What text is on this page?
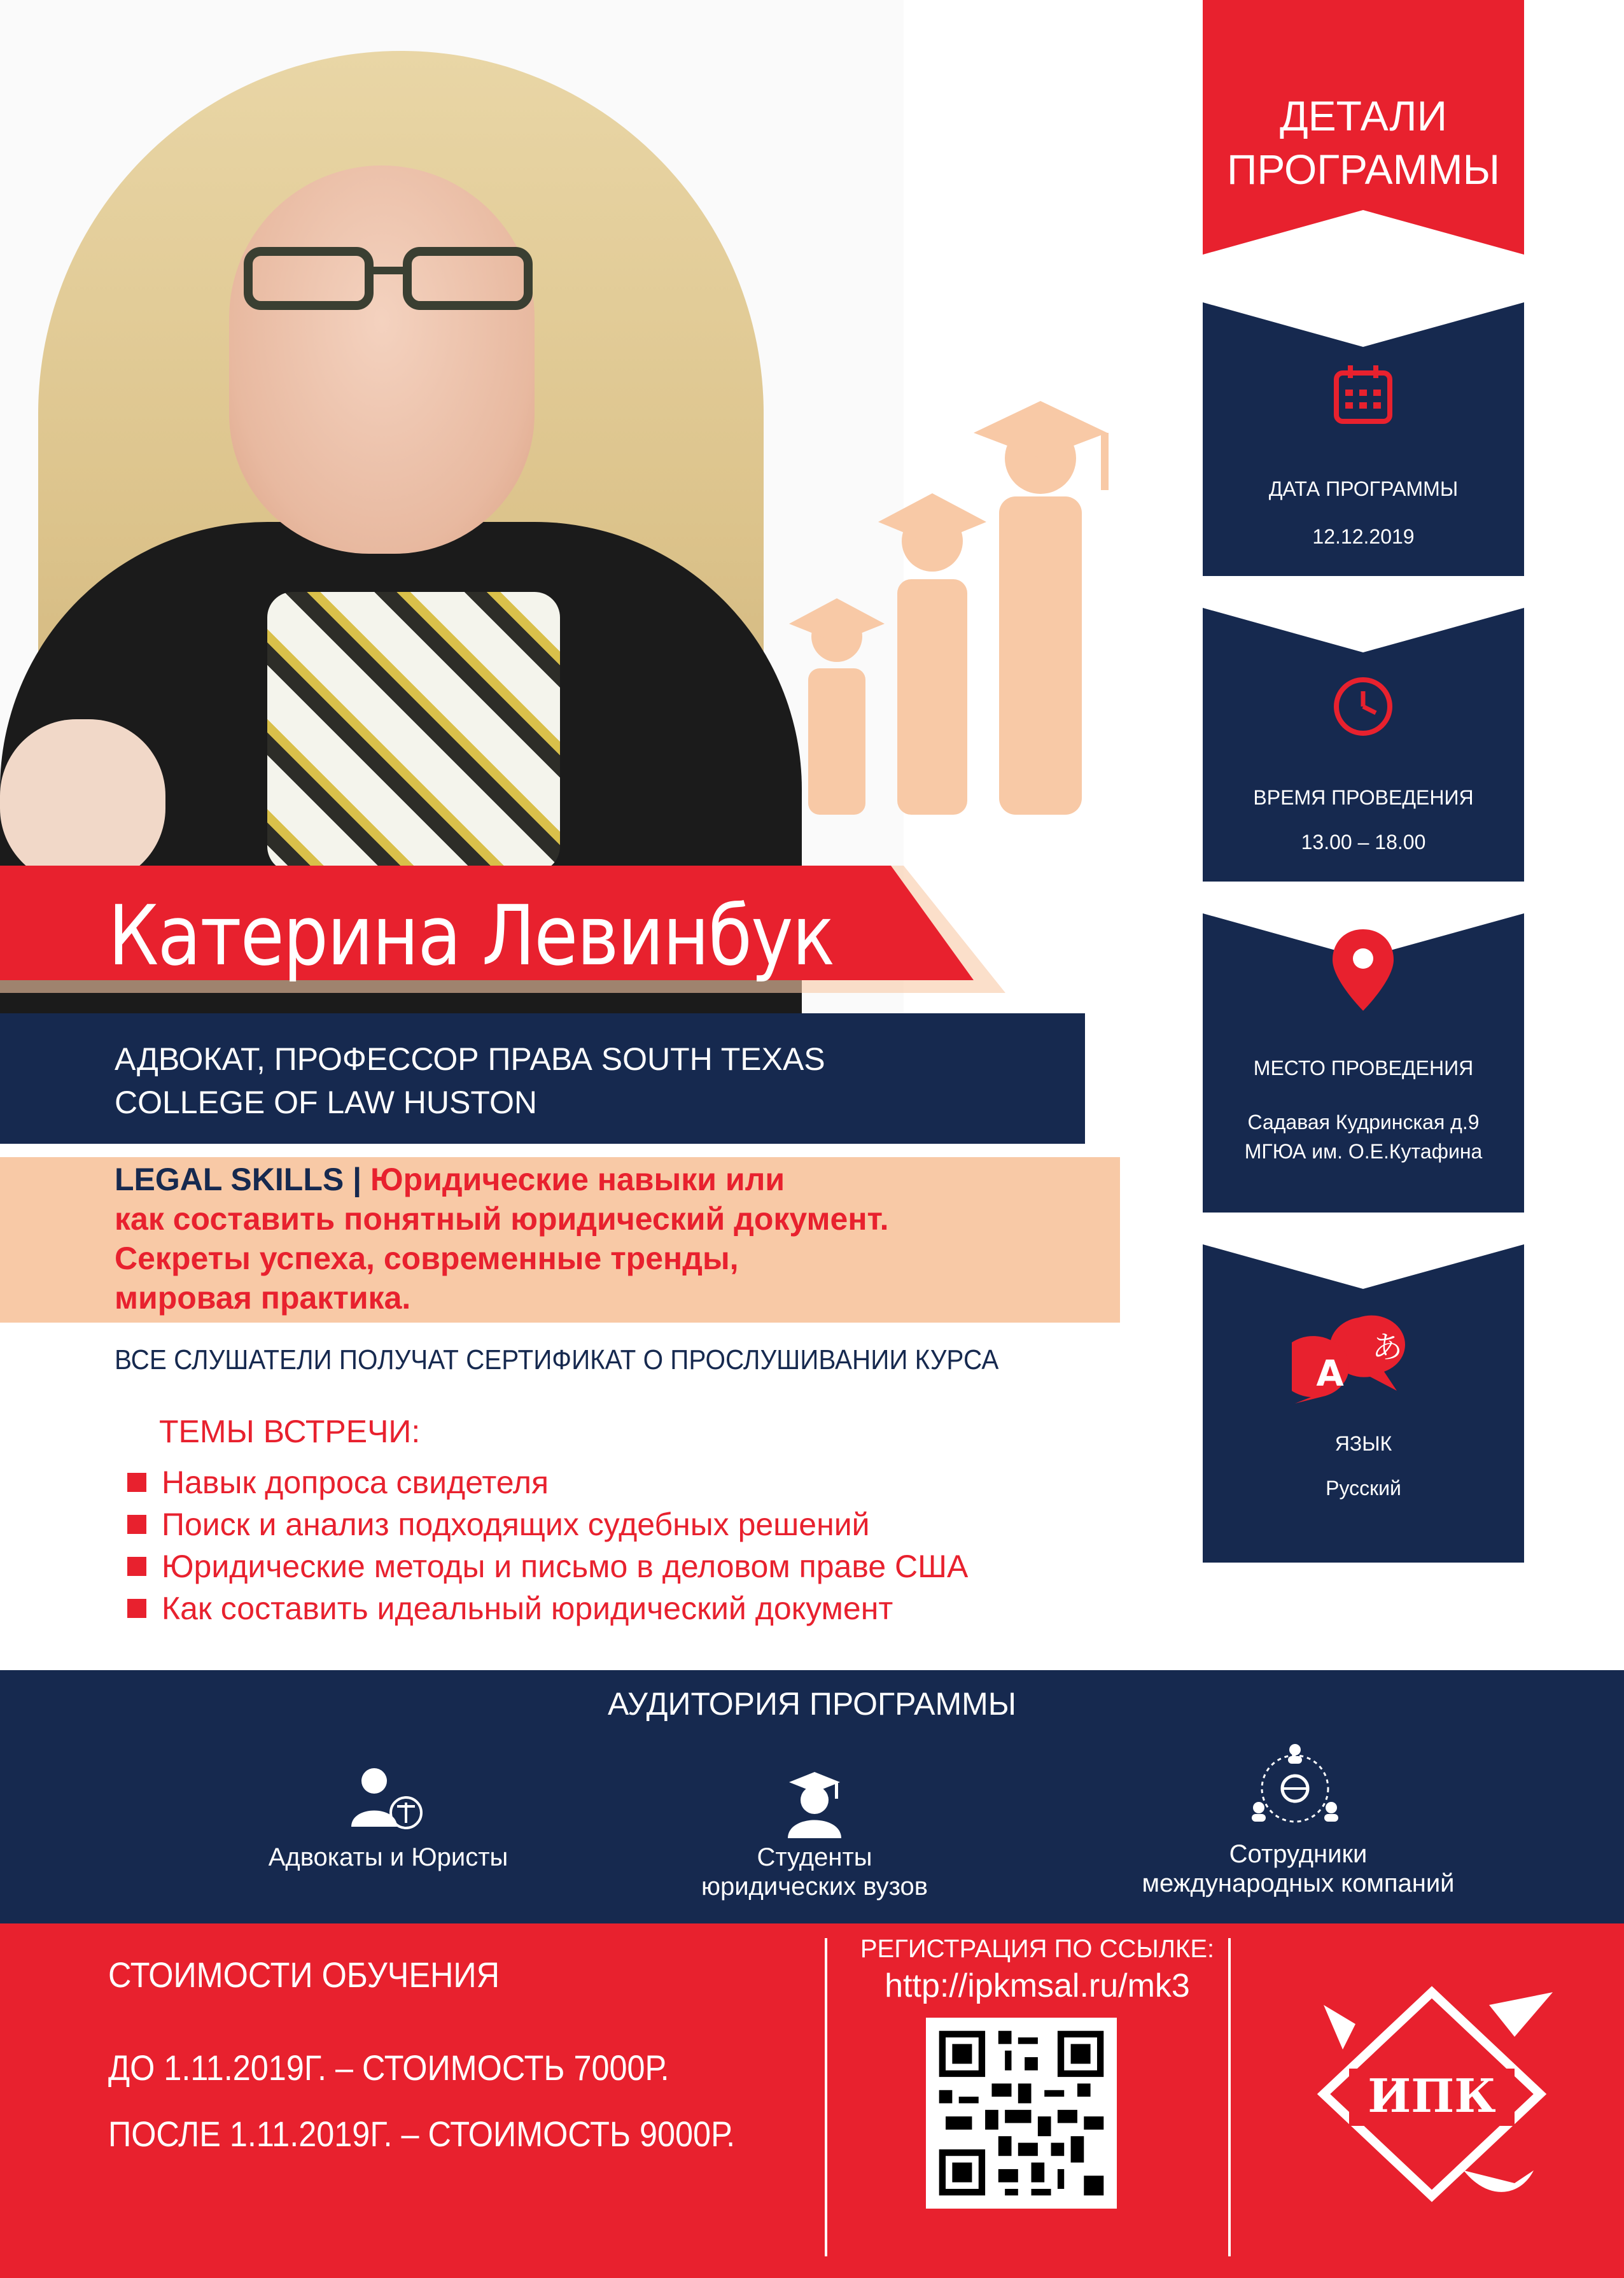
Катерина Левинбук
АДВОКАТ, ПРОФЕССОР ПРАВА SOUTH TEXAS
COLLEGE OF LAW HUSTON
LEGAL SKILLS | Юридические навыки или
как составить понятный юридический документ.
Секреты успеха, современные тренды,
мировая практика.
ВСЕ СЛУШАТЕЛИ ПОЛУЧАТ СЕРТИФИКАТ О ПРОСЛУШИВАНИИ КУРСА
ТЕМЫ ВСТРЕЧИ:
Навык допроса свидетеля
Поиск и анализ подходящих судебных решений
Юридические методы и письмо в деловом праве США
Как составить идеальный юридический документ
ДЕТАЛИ
ПРОГРАММЫ
ДАТА ПРОГРАММЫ
12.12.2019
ВРЕМЯ ПРОВЕДЕНИЯ
13.00 – 18.00
МЕСТО ПРОВЕДЕНИЯ
Садавая Кудринская д.9
МГЮА им. О.Е.Кутафина
A
あ
ЯЗЫК
Русский
АУДИТОРИЯ ПРОГРАММЫ
Адвокаты и Юристы	Студенты
юридических вузов
Сотрудники
международных компаний
СТОИМОСТИ ОБУЧЕНИЯ
ДО 1.11.2019Г. – СТОИМОСТЬ 7000Р.
ПОСЛЕ 1.11.2019Г. – СТОИМОСТЬ 9000Р.
РЕГИСТРАЦИЯ ПО ССЫЛКЕ:
http://ipkmsal.ru/mk3
ИПК
